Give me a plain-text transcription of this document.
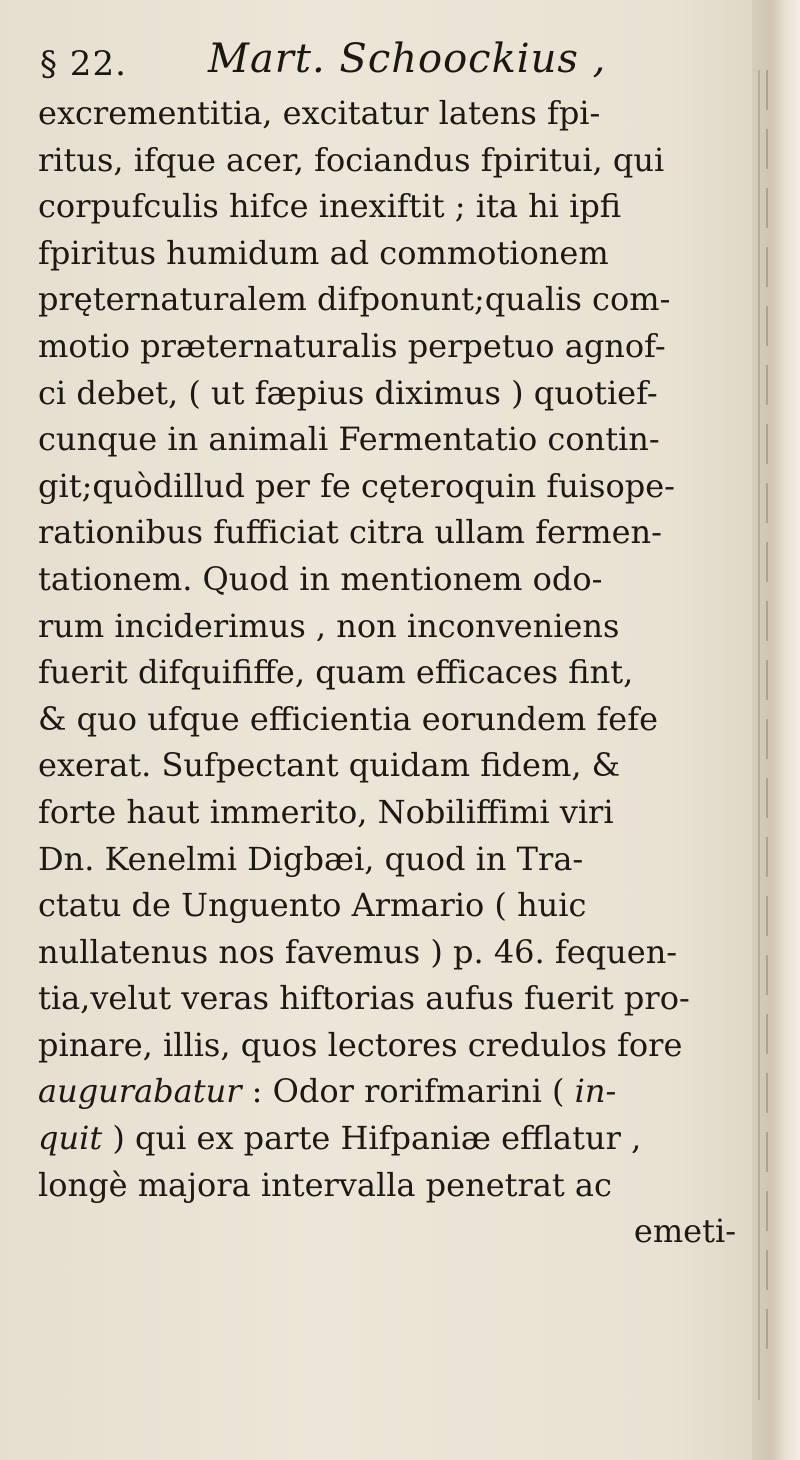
§ 22. Mart. Schoockius ,
excrementitia, excitatur latens fpi-
ritus, ifque acer, fociandus fpiritui, qui
corpufculis hifce inexiftit ; ita hi ipfi
fpiritus humidum ad commotionem
pręternaturalem difponunt;qualis com-
motio præternaturalis perpetuo agnof-
ci debet, ( ut fæpius diximus ) quotief-
cunque in animali Fermentatio contin-
git;quòdillud per fe cęteroquin fuisope-
rationibus fufficiat citra ullam fermen-
tationem. Quod in mentionem odo-
rum inciderimus , non inconveniens
fuerit difquififfe, quam efficaces fint,
& quo ufque efficientia eorundem fefe
exerat. Sufpectant quidam fidem, &
forte haut immerito, Nobiliffimi viri
Dn. Kenelmi Digbæi, quod in Tra-
ctatu de Unguento Armario ( huic
nullatenus nos favemus ) p. 46. fequen-
tia,velut veras hiftorias aufus fuerit pro-
pinare, illis, quos lectores credulos fore
augurabatur : Odor rorifmarini ( in-
quit ) qui ex parte Hifpaniæ efflatur ,
longè majora intervalla penetrat ac
emeti-
